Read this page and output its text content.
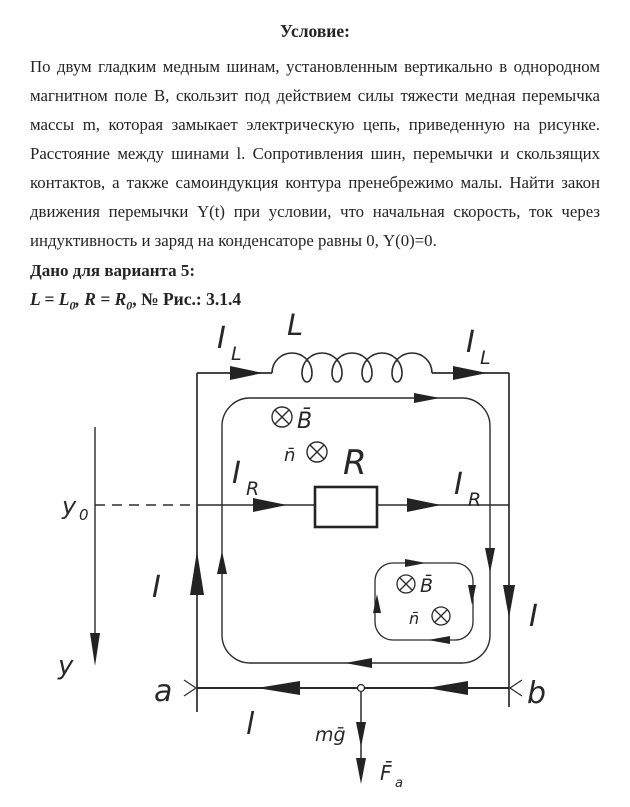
Условие:
По двум гладким медным шинам, установленным вертикально в однородном
магнитном поле В, скользит под действием силы тяжести медная перемычка
массы m, которая замыкает электрическую цепь, приведенную на рисунке.
Расстояние между шинами l. Сопротивления шин, перемычки и скользящих
контактов, а также самоиндукция контура пренебрежимо малы. Найти закон
движения перемычки Y(t) при условии, что начальная скорость, ток через
индуктивность и заряд на конденсаторе равны 0, Y(0)=0.
Дано для варианта 5:
$L = L_0$, $R = R_0$, № Рис.: 3.1.4
I L
L	I L
B̄
n̄ R
I R	I R
y 0
y
I
I
B̄
n̄
a	b
l	mḡ
F̄ a
